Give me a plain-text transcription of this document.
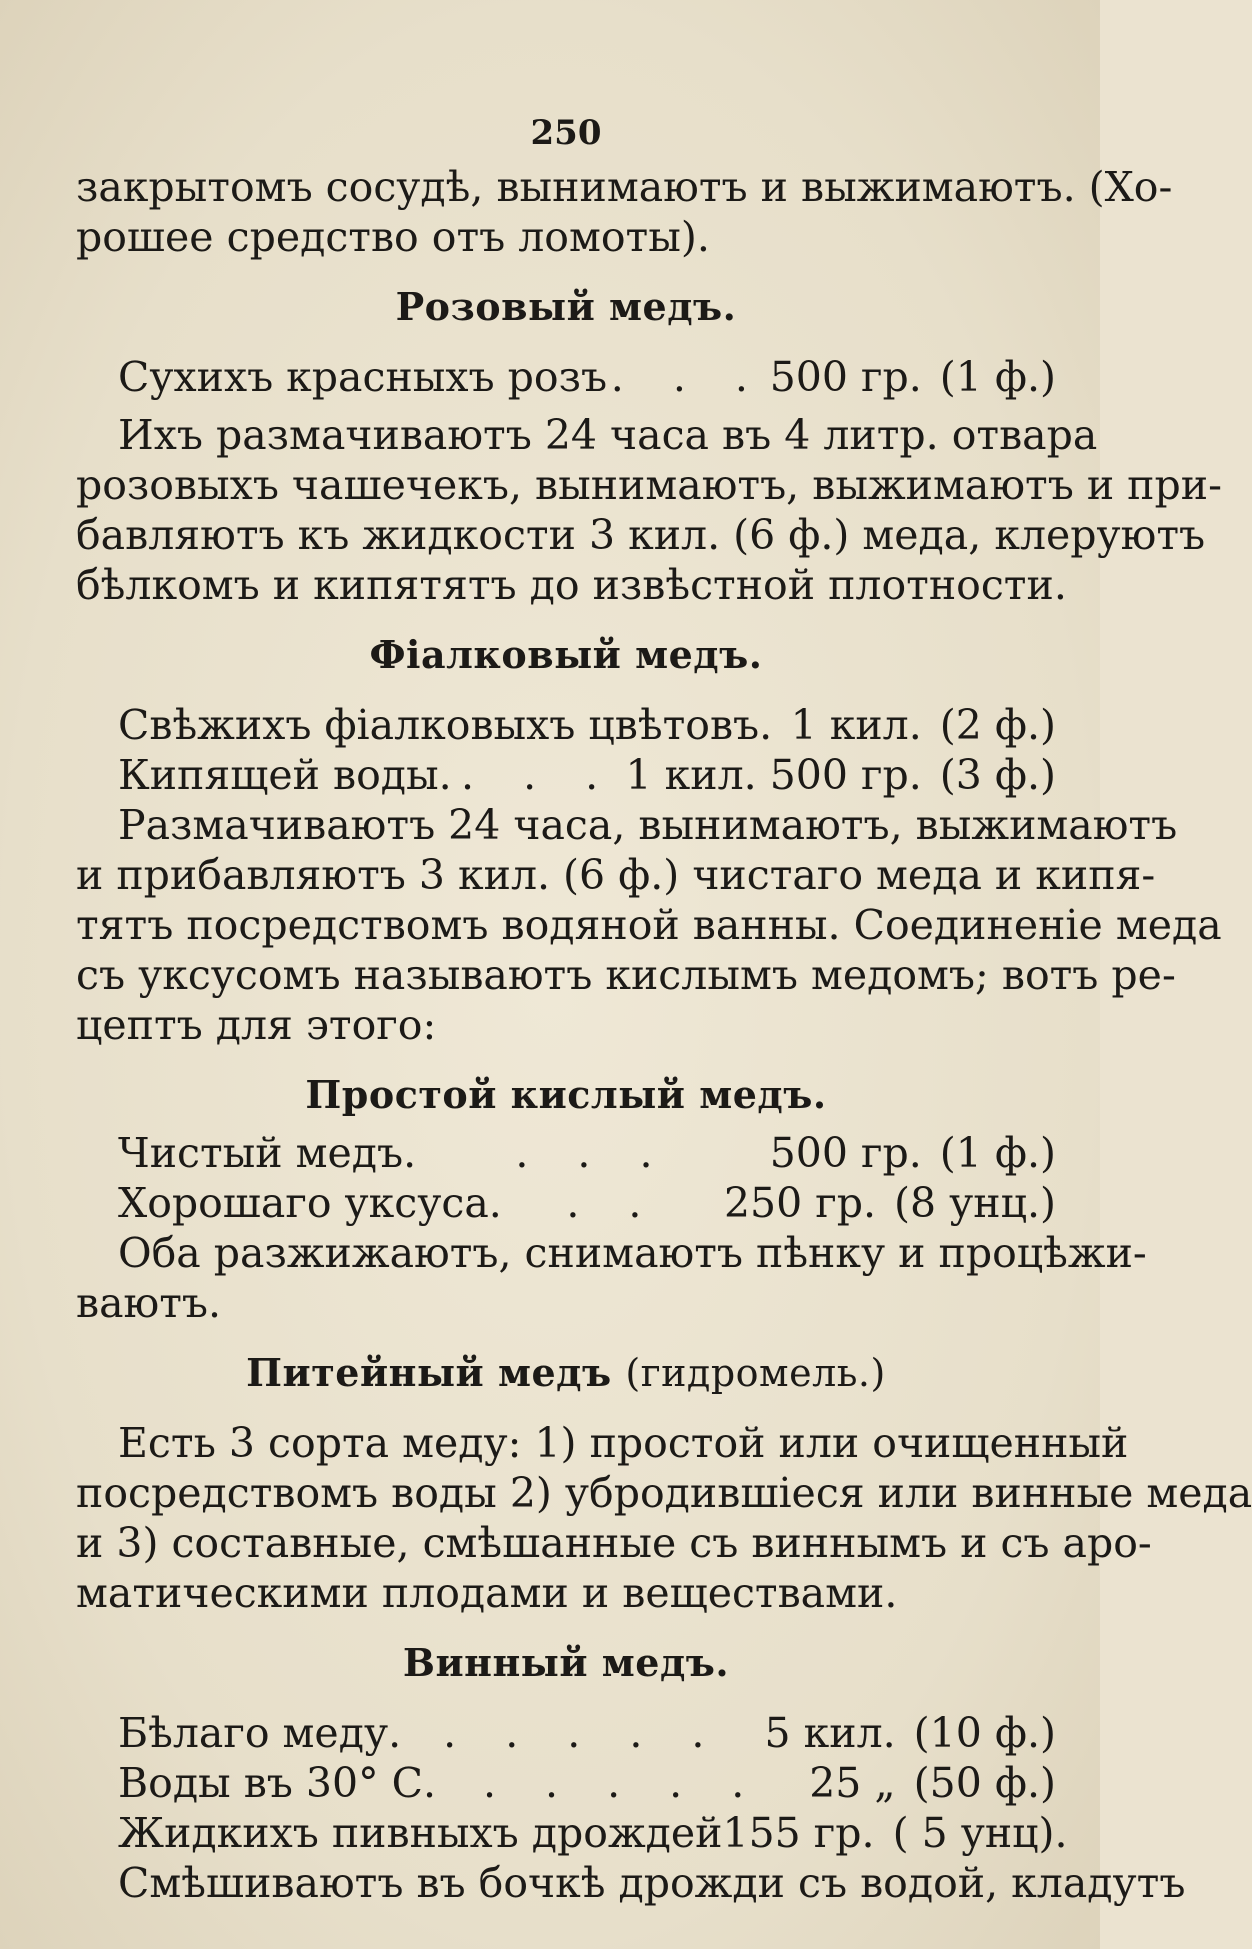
250
закрытомъ сосудѣ, вынимаютъ и выжимаютъ. (Хо-
рошее средство отъ ломоты).
Розовый медъ.
Сухихъ красныхъ розъ . . . 500 гр. (1 ф.)
Ихъ размачиваютъ 24 часа въ 4 литр. отвара
розовыхъ чашечекъ, вынимаютъ, выжимаютъ и при-
бавляютъ къ жидкости 3 кил. (6 ф.) меда, клеруютъ
бѣлкомъ и кипятятъ до извѣстной плотности.
Фіалковый медъ.
Свѣжихъ фіалковыхъ цвѣтовъ. 1 кил. (2 ф.)
Кипящей воды. . . . 1 кил. 500 гр. (3 ф.)
Размачиваютъ 24 часа, вынимаютъ, выжимаютъ
и прибавляютъ 3 кил. (6 ф.) чистаго меда и кипя-
тятъ посредствомъ водяной ванны. Соединеніе меда
съ уксусомъ называютъ кислымъ медомъ; вотъ ре-
цептъ для этого:
Простой кислый медъ.
Чистый медъ.	. . .	500 гр. (1 ф.)
Хорошаго уксуса.	. .	250 гр. (8 унц.)
Оба разжижаютъ, снимаютъ пѣнку и процѣжи-
ваютъ.
Питейный медъ (гидромель.)
Есть 3 сорта меду: 1) простой или очищенный
посредствомъ воды 2) убродившіеся или винные меда
и 3) составные, смѣшанные съ виннымъ и съ аро-
матическими плодами и веществами.
Винный медъ.
Бѣлаго меду.	. . . . .	5 кил. (10 ф.)
Воды въ 30° С.	. . . . .	25 „ (50 ф.)
Жидкихъ пивныхъ дрождей 155 гр. ( 5 унц).
Смѣшиваютъ въ бочкѣ дрожди съ водой, кладутъ
